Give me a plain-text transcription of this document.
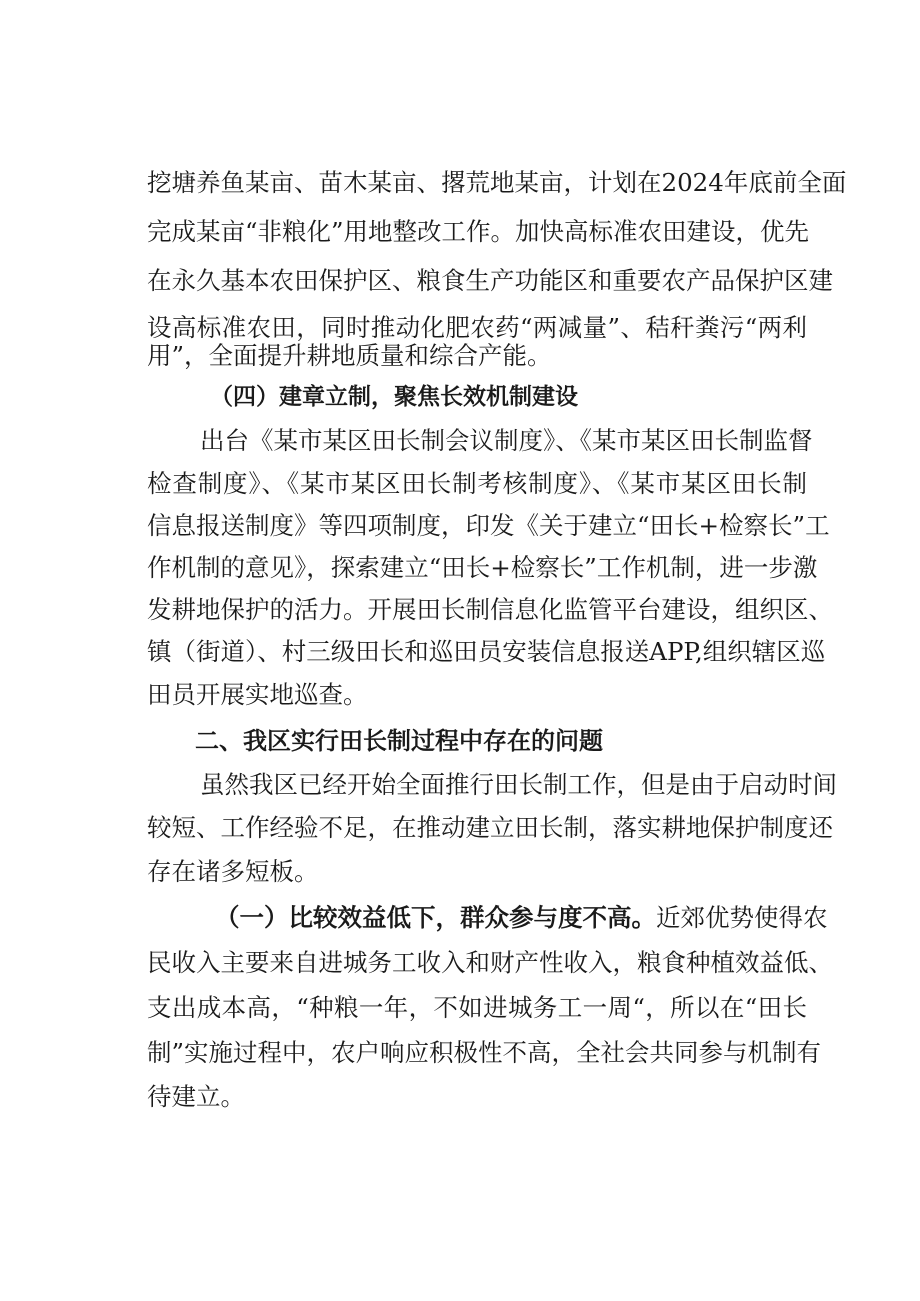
挖塘养鱼某亩、苗木某亩、撂荒地某亩，计划在2024年底前全面
完成某亩“非粮化”用地整改工作。加快高标准农田建设，优先
在永久基本农田保护区、粮食生产功能区和重要农产品保护区建
设高标准农田，同时推动化肥农药“两减量”、秸秆粪污“两利
用”，全面提升耕地质量和综合产能。
（四）建章立制，聚焦长效机制建设
出台《某市某区田长制会议制度》、《某市某区田长制监督
检查制度》、《某市某区田长制考核制度》、《某市某区田长制
信息报送制度》等四项制度，印发《关于建立“田长+检察长”工
作机制的意见》，探索建立“田长+检察长”工作机制，进一步激
发耕地保护的活力。开展田长制信息化监管平台建设，组织区、
镇（街道）、村三级田长和巡田员安装信息报送APP,组织辖区巡
田员开展实地巡查。
二、我区实行田长制过程中存在的问题
虽然我区已经开始全面推行田长制工作，但是由于启动时间
较短、工作经验不足，在推动建立田长制，落实耕地保护制度还
存在诸多短板。
（一）比较效益低下，群众参与度不高。近郊优势使得农
民收入主要来自进城务工收入和财产性收入，粮食种植效益低、
支出成本高，“种粮一年，不如进城务工一周“，所以在“田长
制”实施过程中，农户响应积极性不高，全社会共同参与机制有
待建立。
